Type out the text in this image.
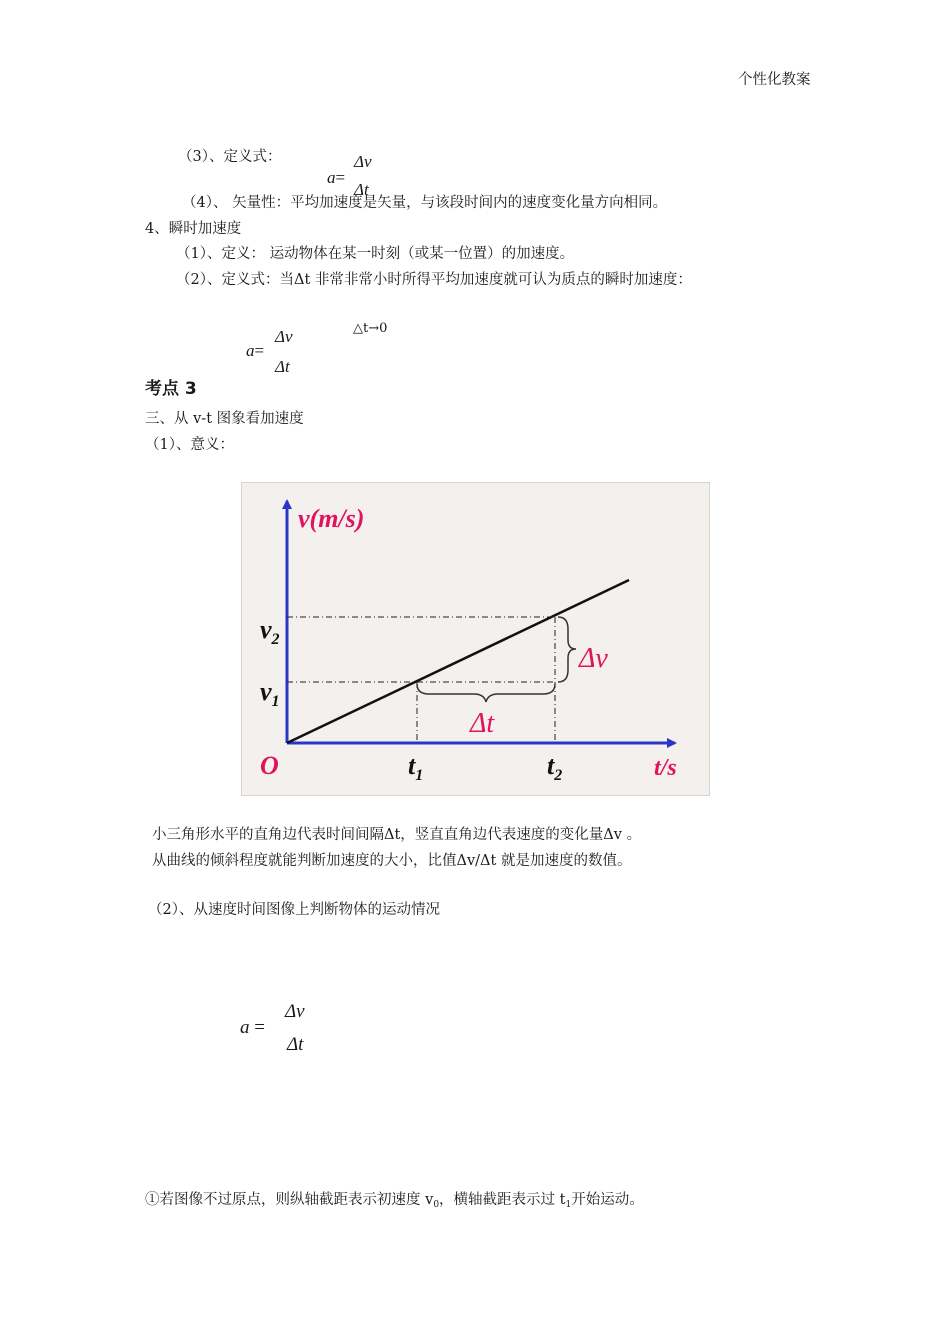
个性化教案
（3）、定义式：
a=
Δv
Δt
（4）、 矢量性：平均加速度是矢量，与该段时间内的速度变化量方向相同。
4、瞬时加速度
（1）、定义： 运动物体在某一时刻（或某一位置）的加速度。
（2）、定义式：当Δt 非常非常小时所得平均加速度就可认为质点的瞬时加速度：
△t→0
a=
Δv
Δt
考点 3
三、从 v-t 图象看加速度
（1）、意义：
v(m/s)
t/s
O
$v_2$
$v_1$
$t_1$	$t_2$
Δv
Δt
小三角形水平的直角边代表时间间隔Δt，竖直直角边代表速度的变化量Δv 。
从曲线的倾斜程度就能判断加速度的大小，比值Δv/Δt 就是加速度的数值。
（2）、从速度时间图像上判断物体的运动情况
a =
Δv
Δt
①若图像不过原点，则纵轴截距表示初速度 $v_0$，横轴截距表示过 $t_1$开始运动。
